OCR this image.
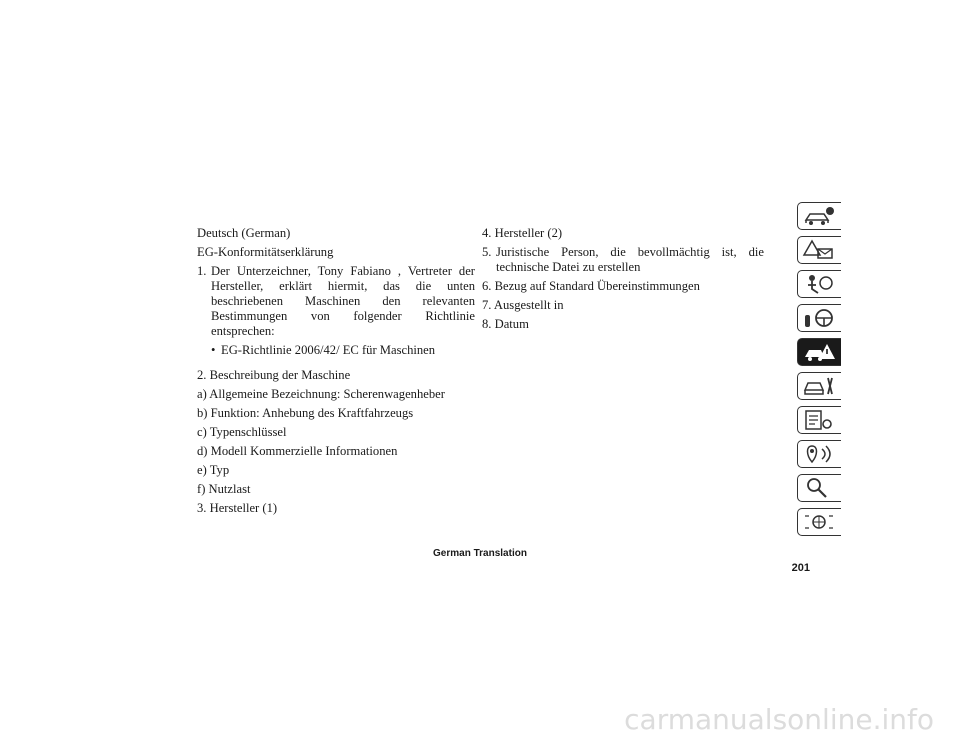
Deutsch (German)

EG-Konformitätserklärung

1. Der Unterzeichner, Tony Fabiano , Vertreter der Hersteller, erklärt hiermit, das die unten beschriebenen Maschinen den relevanten Bestimmungen von folgender Richtlinie entsprechen:
• EG-Richtlinie 2006/42/ EC für Maschinen

2. Beschreibung der Maschine

a) Allgemeine Bezeichnung: Scherenwagenheber

b) Funktion: Anhebung des Kraftfahrzeugs

c) Typenschlüssel

d) Modell Kommerzielle Informationen

e) Typ

f) Nutzlast

3. Hersteller (1)

4. Hersteller (2)

5. Juristische Person, die bevollmächtig ist, die technische Datei zu erstellen

6. Bezug auf Standard Übereinstimmungen

7. Ausgestellt in

8. Datum

German Translation
201
carmanualsonline.info
